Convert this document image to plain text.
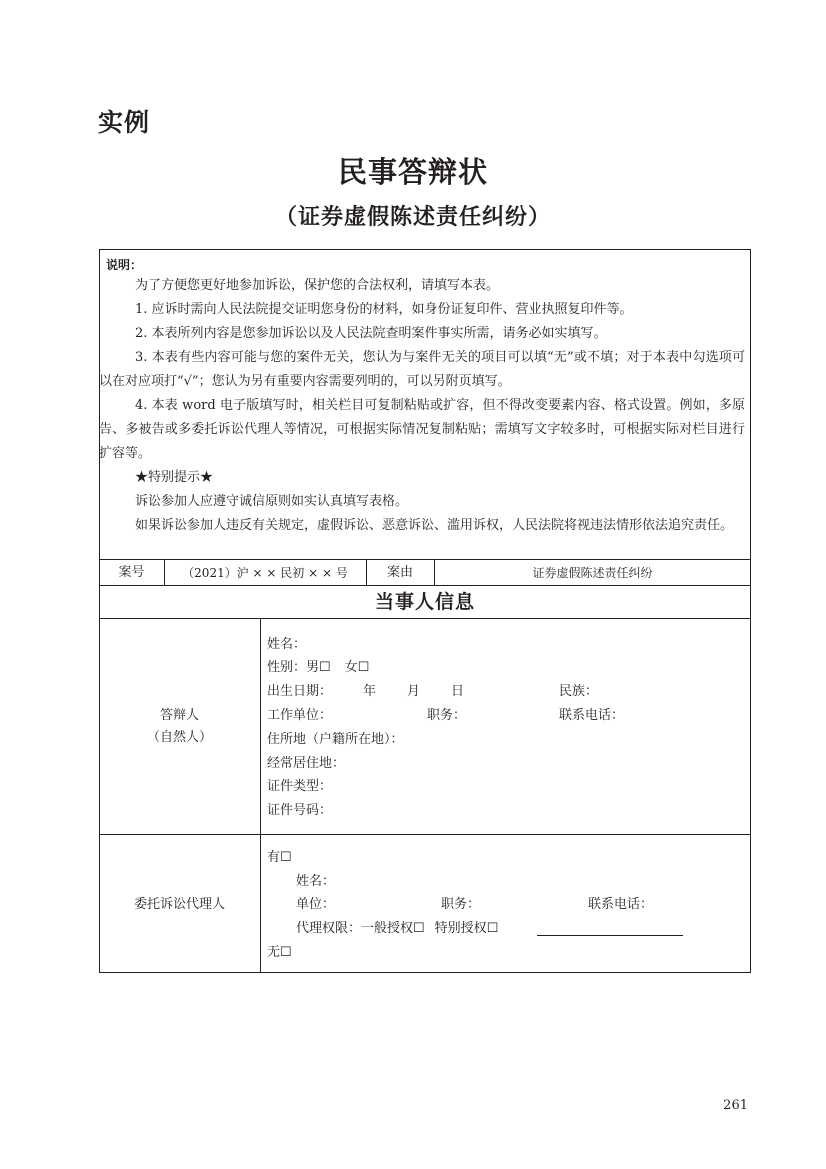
实例
民事答辩状
（证券虚假陈述责任纠纷）
说明：
为了方便您更好地参加诉讼，保护您的合法权利，请填写本表。
1. 应诉时需向人民法院提交证明您身份的材料，如身份证复印件、营业执照复印件等。
2. 本表所列内容是您参加诉讼以及人民法院查明案件事实所需，请务必如实填写。
3. 本表有些内容可能与您的案件无关，您认为与案件无关的项目可以填“无”或不填；对于本表中勾选项可以在对应项打“√”；您认为另有重要内容需要列明的，可以另附页填写。
4. 本表 word 电子版填写时，相关栏目可复制粘贴或扩容，但不得改变要素内容、格式设置。例如，多原告、多被告或多委托诉讼代理人等情况，可根据实际情况复制粘贴；需填写文字较多时，可根据实际对栏目进行扩容等。
★特别提示★
诉讼参加人应遵守诚信原则如实认真填写表格。
如果诉讼参加人违反有关规定，虚假诉讼、恶意诉讼、滥用诉权，人民法院将视违法情形依法追究责任。
案号	（2021）沪 × × 民初 × × 号	案由	证券虚假陈述责任纠纷
当事人信息
答辩人
（自然人）
姓名：
性别：男☐ 女☐
出生日期： 年 月 日	民族：
工作单位：	职务：	联系电话：
住所地（户籍所在地）：
经常居住地：
证件类型：
证件号码：
委托诉讼代理人
有☐
姓名：
单位：	职务：	联系电话：
代理权限：一般授权☐ 特别授权☐
无☐
261
